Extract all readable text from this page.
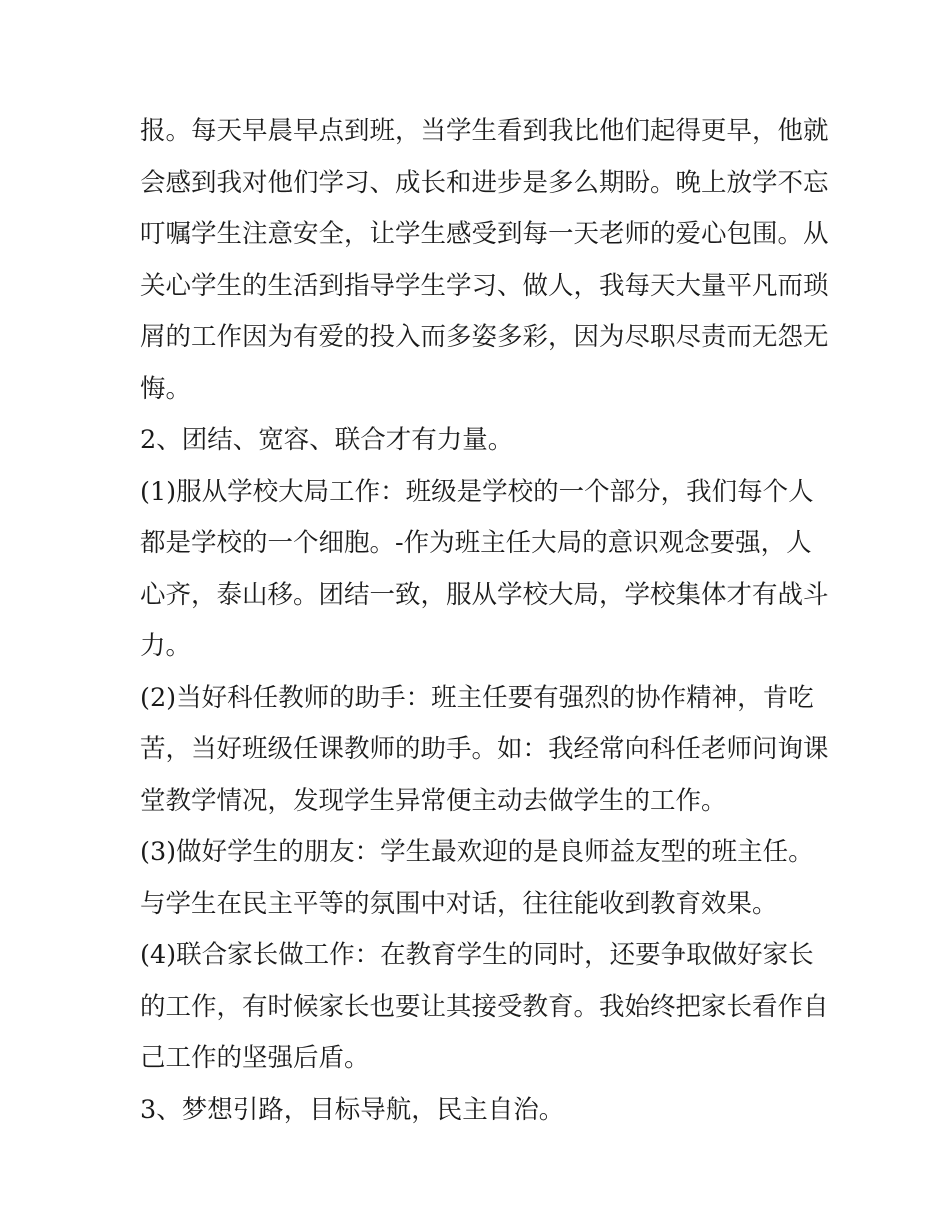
报。每天早晨早点到班，当学生看到我比他们起得更早，他就
会感到我对他们学习、成长和进步是多么期盼。晚上放学不忘
叮嘱学生注意安全，让学生感受到每一天老师的爱心包围。从
关心学生的生活到指导学生学习、做人，我每天大量平凡而琐
屑的工作因为有爱的投入而多姿多彩，因为尽职尽责而无怨无
悔。
2、团结、宽容、联合才有力量。
(1)服从学校大局工作：班级是学校的一个部分，我们每个人
都是学校的一个细胞。-作为班主任大局的意识观念要强，人
心齐，泰山移。团结一致，服从学校大局，学校集体才有战斗
力。
(2)当好科任教师的助手：班主任要有强烈的协作精神，肯吃
苦，当好班级任课教师的助手。如：我经常向科任老师问询课
堂教学情况，发现学生异常便主动去做学生的工作。
(3)做好学生的朋友：学生最欢迎的是良师益友型的班主任。
与学生在民主平等的氛围中对话，往往能收到教育效果。
(4)联合家长做工作：在教育学生的同时，还要争取做好家长
的工作，有时候家长也要让其接受教育。我始终把家长看作自
己工作的坚强后盾。
3、梦想引路，目标导航，民主自治。
